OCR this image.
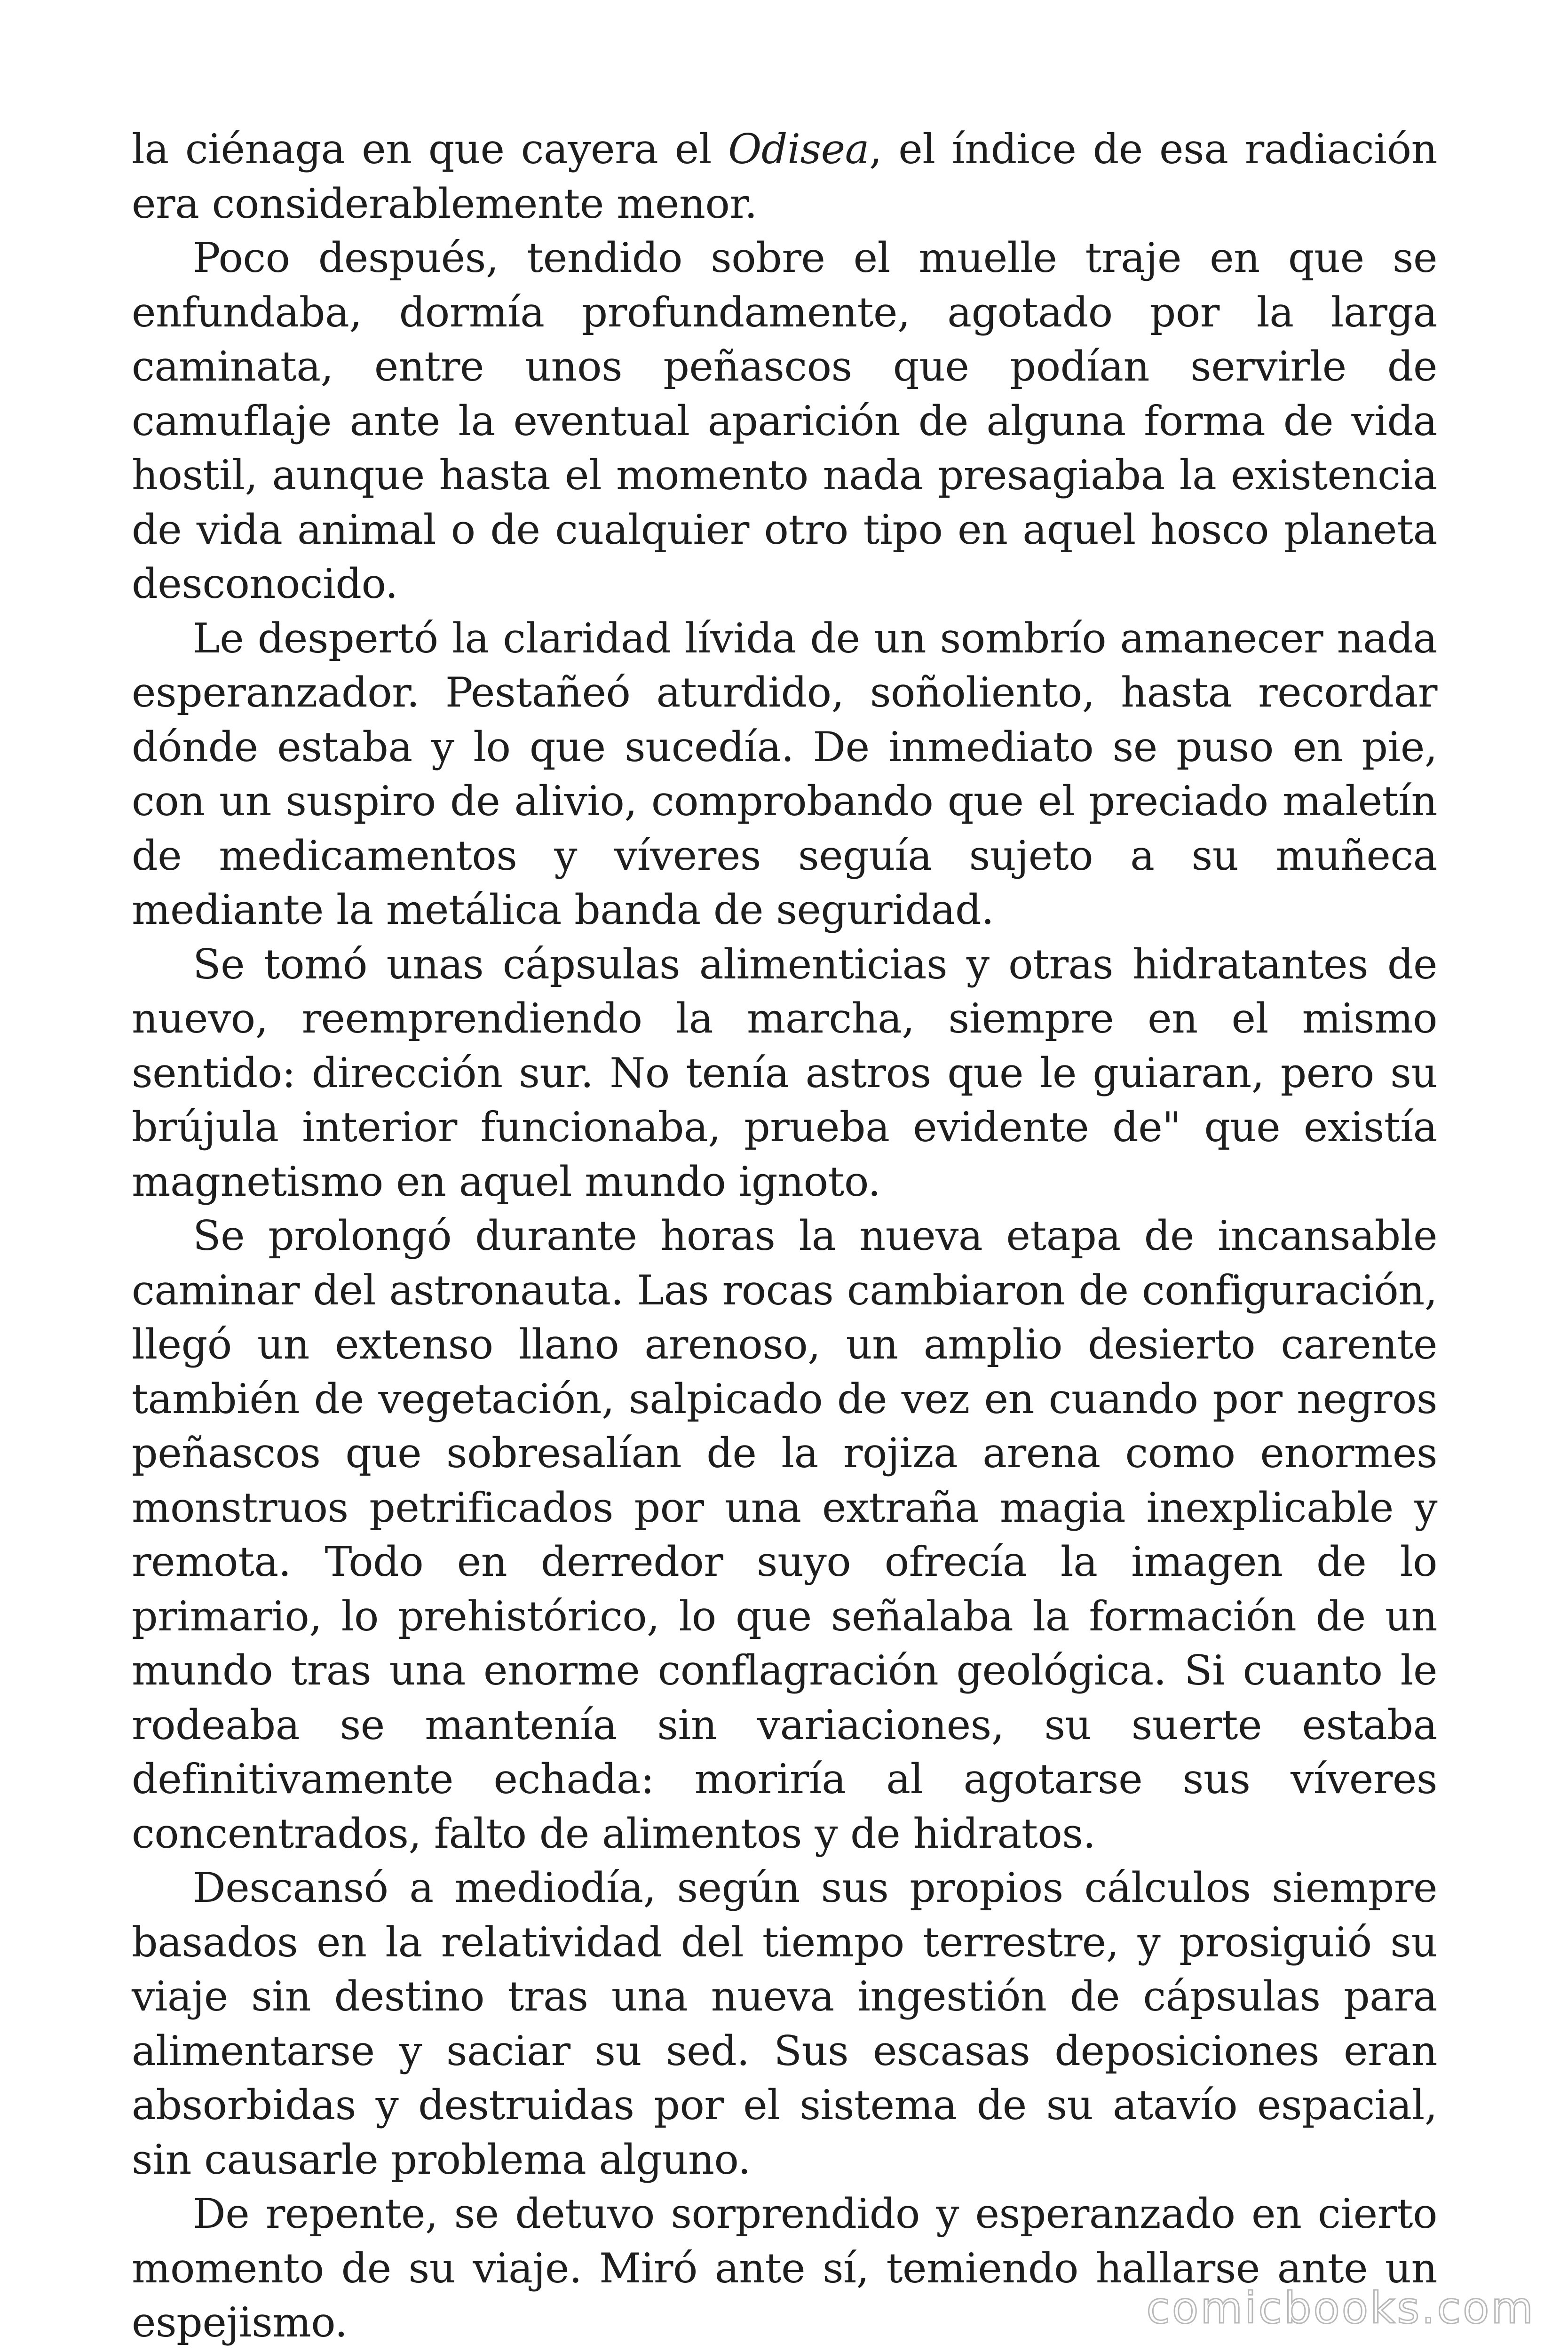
la ciénaga en que cayera el Odisea, el índice de esa radiación era considerablemente menor.

Poco después, tendido sobre el muelle traje en que se enfundaba, dormía profundamente, agotado por la larga caminata, entre unos peñascos que podían servirle de camuflaje ante la eventual aparición de alguna forma de vida hostil, aunque hasta el momento nada presagiaba la existencia de vida animal o de cualquier otro tipo en aquel hosco planeta desconocido.

Le despertó la claridad lívida de un sombrío amanecer nada esperanzador. Pestañeó aturdido, soñoliento, hasta recordar dónde estaba y lo que sucedía. De inmediato se puso en pie, con un suspiro de alivio, comprobando que el preciado maletín de medicamentos y víveres seguía sujeto a su muñeca mediante la metálica banda de seguridad.

Se tomó unas cápsulas alimenticias y otras hidratantes de nuevo, reemprendiendo la marcha, siempre en el mismo sentido: dirección sur. No tenía astros que le guiaran, pero su brújula interior funcionaba, prueba evidente de" que existía magnetismo en aquel mundo ignoto.

Se prolongó durante horas la nueva etapa de incansable caminar del astronauta. Las rocas cambiaron de configuración, llegó un extenso llano arenoso, un amplio desierto carente también de vegetación, salpicado de vez en cuando por negros peñascos que sobresalían de la rojiza arena como enormes monstruos petrificados por una extraña magia inexplicable y remota. Todo en derredor suyo ofrecía la imagen de lo primario, lo prehistórico, lo que señalaba la formación de un mundo tras una enorme conflagración geológica. Si cuanto le rodeaba se mantenía sin variaciones, su suerte estaba definitivamente echada: moriría al agotarse sus víveres concentrados, falto de alimentos y de hidratos.

Descansó a mediodía, según sus propios cálculos siempre basados en la relatividad del tiempo terrestre, y prosiguió su viaje sin destino tras una nueva ingestión de cápsulas para alimentarse y saciar su sed. Sus escasas deposiciones eran absorbidas y destruidas por el sistema de su atavío espacial, sin causarle problema alguno.

De repente, se detuvo sorprendido y esperanzado en cierto momento de su viaje. Miró ante sí, temiendo hallarse ante un espejismo.	comicbooks.com
